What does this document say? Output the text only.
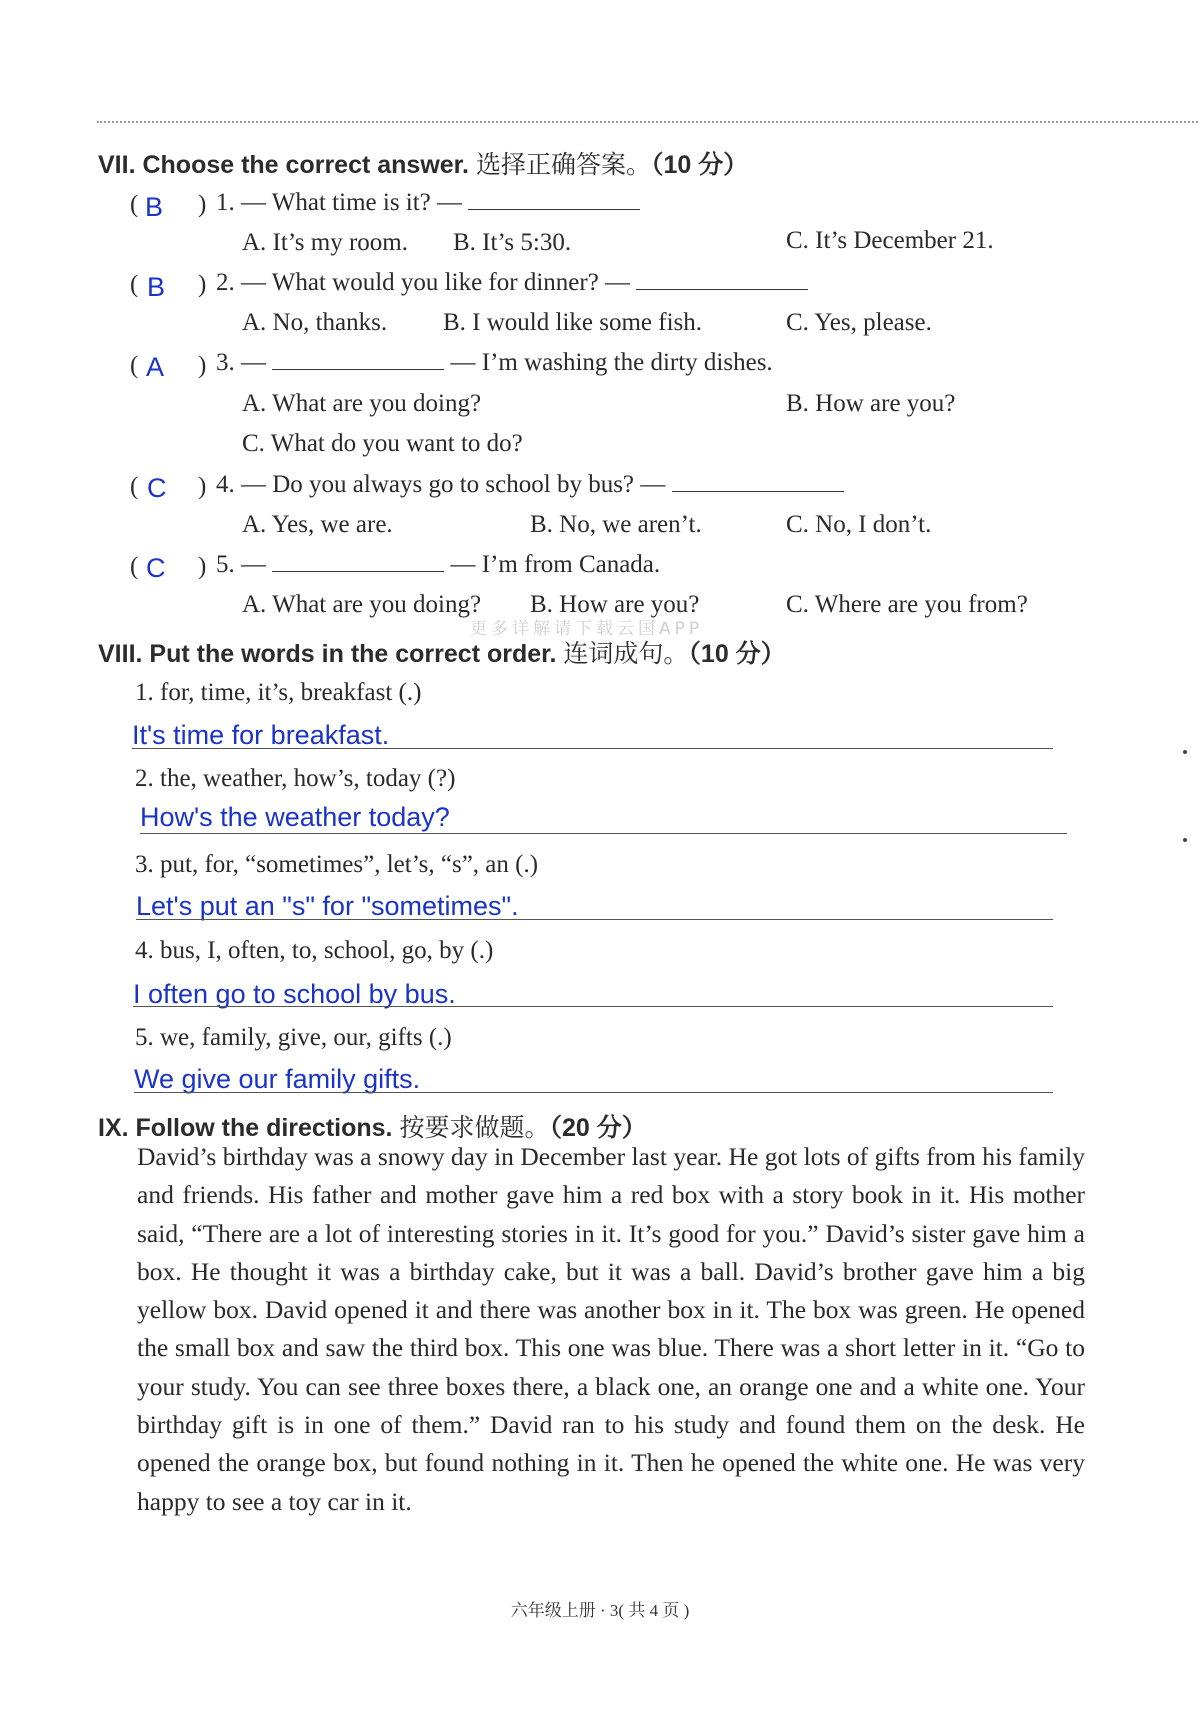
VII. Choose the correct answer. 选择正确答案。（10 分）
( B ) 1. — What time is it? —
A. It’s my room. B. It’s 5:30.	C. It’s December 21.
( B ) 2. — What would you like for dinner? —
A. No, thanks. B. I would like some fish.	C. Yes, please.
( A ) 3. —	— I’m washing the dirty dishes.
A. What are you doing?	B. How are you?
C. What do you want to do?
( C ) 4. — Do you always go to school by bus? —
A. Yes, we are.	B. No, we aren’t.	C. No, I don’t.
( C ) 5. —	— I’m from Canada.
A. What are you doing? B. How are you?	C. Where are you from?
更多详解请下载云国APP
VIII. Put the words in the correct order. 连词成句。（10 分）
1. for, time, it’s, breakfast (.)
It's time for breakfast.
2. the, weather, how’s, today (?)
How's the weather today?
3. put, for, “sometimes”, let’s, “s”, an (.)
Let's put an "s" for "sometimes".
4. bus, I, often, to, school, go, by (.)
I often go to school by bus.
5. we, family, give, our, gifts (.)
We give our family gifts.
IX. Follow the directions. 按要求做题。（20 分）

David’s birthday was a snowy day in December last year. He got lots of gifts from his family and friends. His father and mother gave him a red box with a story book in it. His mother said, “There are a lot of interesting stories in it. It’s good for you.” David’s sister gave him a box. He thought it was a birthday cake, but it was a ball. David’s brother gave him a big yellow box. David opened it and there was another box in it. The box was green. He opened the small box and saw the third box. This one was blue. There was a short letter in it. “Go to your study. You can see three boxes there, a black one, an orange one and a white one. Your birthday gift is in one of them.” David ran to his study and found them on the desk. He opened the orange box, but found nothing in it. Then he opened the white one. He was very happy to see a toy car in it.

六年级上册 · 3( 共 4 页 )
